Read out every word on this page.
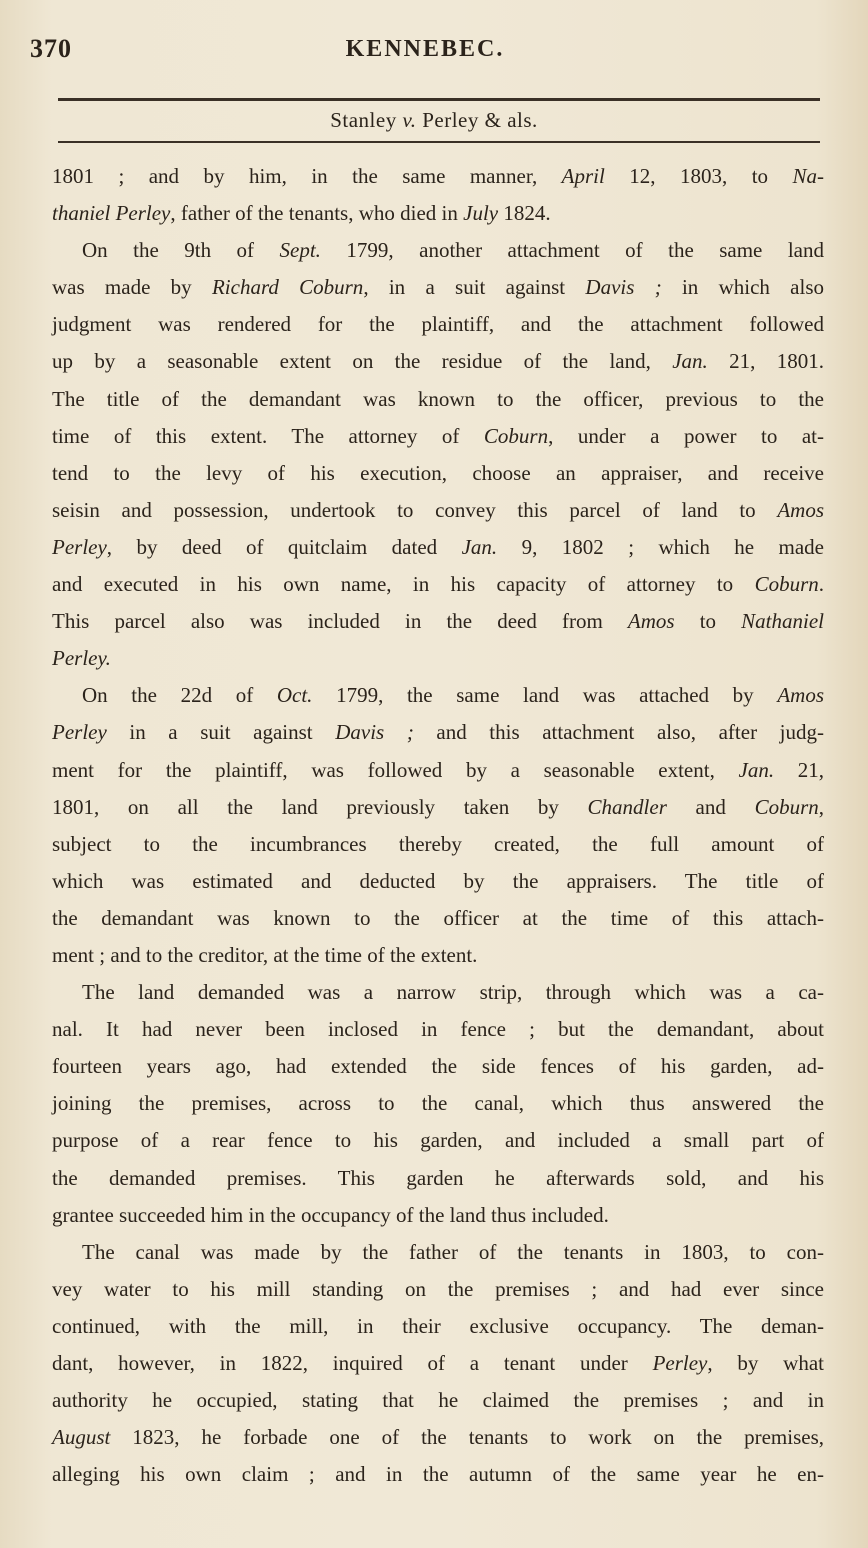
370	KENNEBEC.
Stanley v. Perley & als.
1801 ; and by him, in the same manner, April 12, 1803, to Na-
thaniel Perley, father of the tenants, who died in July 1824.
On the 9th of Sept. 1799, another attachment of the same land
was made by Richard Coburn, in a suit against Davis ; in which also
judgment was rendered for the plaintiff, and the attachment followed
up by a seasonable extent on the residue of the land, Jan. 21, 1801.
The title of the demandant was known to the officer, previous to the
time of this extent. The attorney of Coburn, under a power to at-
tend to the levy of his execution, choose an appraiser, and receive
seisin and possession, undertook to convey this parcel of land to Amos
Perley, by deed of quitclaim dated Jan. 9, 1802 ; which he made
and executed in his own name, in his capacity of attorney to Coburn.
This parcel also was included in the deed from Amos to Nathaniel
Perley.
On the 22d of Oct. 1799, the same land was attached by Amos
Perley in a suit against Davis ; and this attachment also, after judg-
ment for the plaintiff, was followed by a seasonable extent, Jan. 21,
1801, on all the land previously taken by Chandler and Coburn,
subject to the incumbrances thereby created, the full amount of
which was estimated and deducted by the appraisers. The title of
the demandant was known to the officer at the time of this attach-
ment ; and to the creditor, at the time of the extent.
The land demanded was a narrow strip, through which was a ca-
nal. It had never been inclosed in fence ; but the demandant, about
fourteen years ago, had extended the side fences of his garden, ad-
joining the premises, across to the canal, which thus answered the
purpose of a rear fence to his garden, and included a small part of
the demanded premises. This garden he afterwards sold, and his
grantee succeeded him in the occupancy of the land thus included.
The canal was made by the father of the tenants in 1803, to con-
vey water to his mill standing on the premises ; and had ever since
continued, with the mill, in their exclusive occupancy. The deman-
dant, however, in 1822, inquired of a tenant under Perley, by what
authority he occupied, stating that he claimed the premises ; and in
August 1823, he forbade one of the tenants to work on the premises,
alleging his own claim ; and in the autumn of the same year he en-
